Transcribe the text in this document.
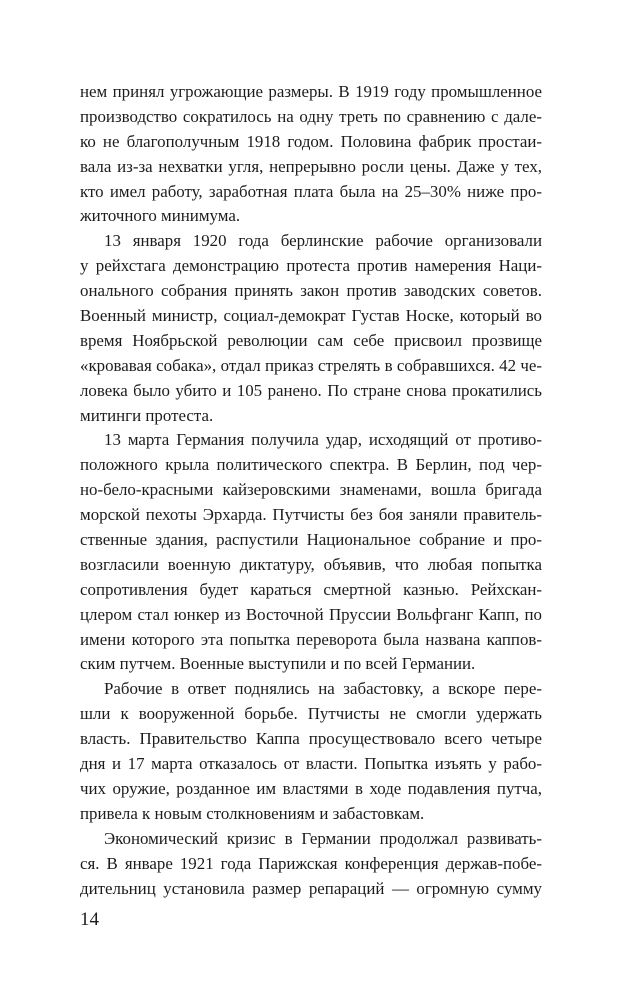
нем принял угрожающие размеры. В 1919 году промышленное
производство сократилось на одну треть по сравнению с дале-
ко не благополучным 1918 годом. Половина фабрик простаи-
вала из-за нехватки угля, непрерывно росли цены. Даже у тех,
кто имел работу, заработная плата была на 25–30% ниже про-
житочного минимума.
13 января 1920 года берлинские рабочие организовали
у рейхстага демонстрацию протеста против намерения Наци-
онального собрания принять закон против заводских советов.
Военный министр, социал-демократ Густав Носке, который во
время Ноябрьской революции сам себе присвоил прозвище
«кровавая собака», отдал приказ стрелять в собравшихся. 42 че-
ловека было убито и 105 ранено. По стране снова прокатились
митинги протеста.
13 марта Германия получила удар, исходящий от противо-
положного крыла политического спектра. В Берлин, под чер-
но-бело-красными кайзеровскими знаменами, вошла бригада
морской пехоты Эрхарда. Путчисты без боя заняли правитель-
ственные здания, распустили Национальное собрание и про-
возгласили военную диктатуру, объявив, что любая попытка
сопротивления будет караться смертной казнью. Рейхскан-
цлером стал юнкер из Восточной Пруссии Вольфганг Капп, по
имени которого эта попытка переворота была названа каппов-
ским путчем. Военные выступили и по всей Германии.
Рабочие в ответ поднялись на забастовку, а вскоре пере-
шли к вооруженной борьбе. Путчисты не смогли удержать
власть. Правительство Каппа просуществовало всего четыре
дня и 17 марта отказалось от власти. Попытка изъять у рабо-
чих оружие, розданное им властями в ходе подавления путча,
привела к новым столкновениям и забастовкам.
Экономический кризис в Германии продолжал развивать-
ся. В январе 1921 года Парижская конференция держав-побе-
дительниц установила размер репараций — огромную сумму
14
